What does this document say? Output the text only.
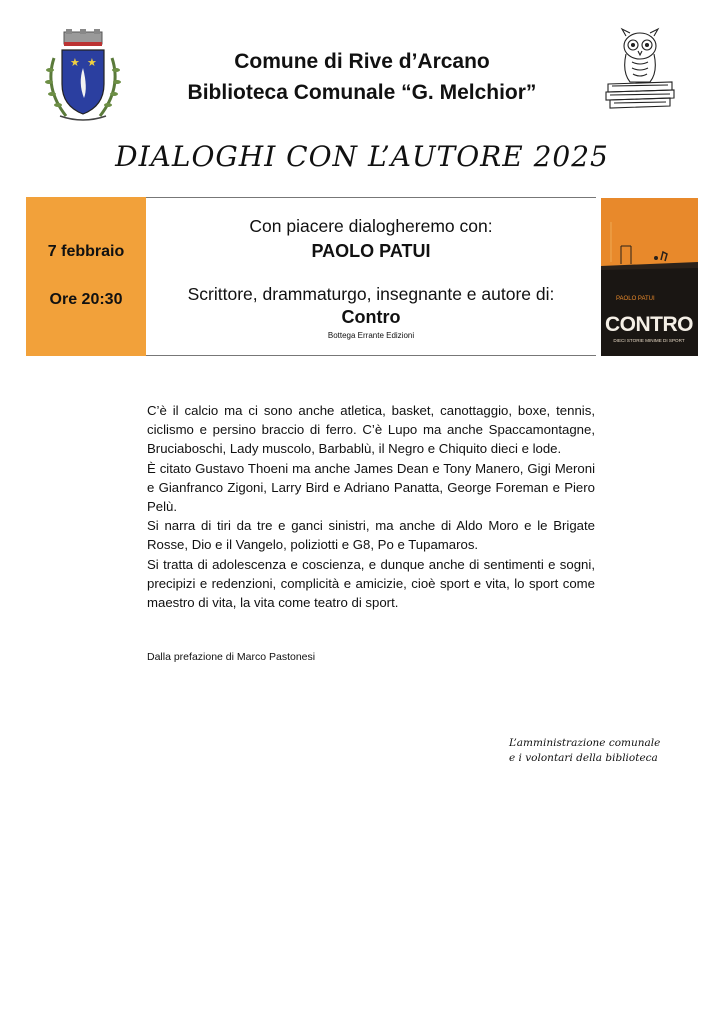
★ ★	Comune di Rive d’Arcano
Biblioteca Comunale “G. Melchior”
DIALOGHI CON L’AUTORE 2025
7 febbraio
Ore 20:30
Con piacere dialogheremo con:
PAOLO PATUI
Scrittore, drammaturgo, insegnante e autore di:
Contro
Bottega Errante Edizioni
PAOLO PATUI
CONTRO
DIECI STORIE MINIME DI SPORT

C’è il calcio ma ci sono anche atletica, basket, canottaggio, boxe, tennis, ciclismo e persino braccio di ferro. C’è Lupo ma anche Spaccamontagne, Bruciaboschi, Lady muscolo, Barbablù, il Negro e Chiquito dieci e lode.

È citato Gustavo Thoeni ma anche James Dean e Tony Manero, Gigi Meroni e Gianfranco Zigoni, Larry Bird e Adriano Panatta, George Foreman e Piero Pelù.

Si narra di tiri da tre e ganci sinistri, ma anche di Aldo Moro e le Brigate Rosse, Dio e il Vangelo, poliziotti e G8, Po e Tupamaros.

Si tratta di adolescenza e coscienza, e dunque anche di sentimenti e sogni, precipizi e redenzioni, complicità e amicizie, cioè sport e vita, lo sport come maestro di vita, la vita come teatro di sport.

Dalla prefazione di Marco Pastonesi
L’amministrazione comunale
e i volontari della biblioteca
